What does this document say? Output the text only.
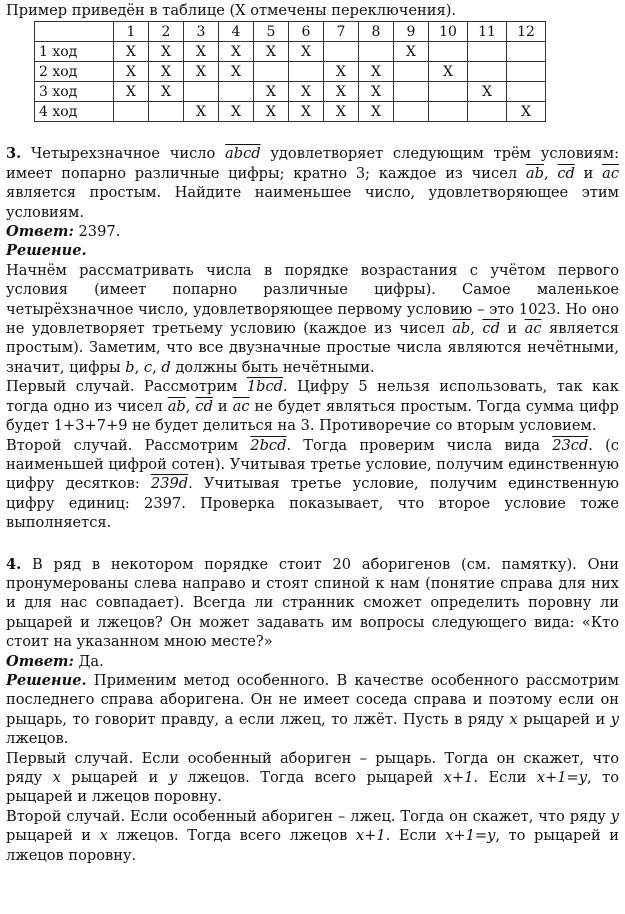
Пример приведён в таблице (X отмечены переключения).

	1	2	3	4	5	6	7	8	9	10	11	12
1 ход	X	X	X	X	X	X			X			
2 ход	X	X	X	X			X	X		X		
3 ход	X	X			X	X	X	X			X	
4 ход			X	X	X	X	X	X				X

3. Четырехзначное число abcd удовлетворяет следующим трём условиям: имеет попарно различные цифры; кратно 3; каждое из чисел $\overline{ab}$, $\overline{cd}$ и $\overline{ac}$ является простым. Найдите наименьшее число, удовлетворяющее этим условиям.

Ответ: 2397.

Решение.

Начнём рассматривать числа в порядке возрастания с учётом первого условия (имеет попарно различные цифры). Самое маленькое четырёхзначное число, удовлетворяющее первому условию – это 1023. Но оно не удовлетворяет третьему условию (каждое из чисел $\overline{ab}$, $\overline{cd}$ и $\overline{ac}$ является простым). Заметим, что все двузначные простые числа являются нечётными, значит, цифры b, c, d должны быть нечётными.

Первый случай. Рассмотрим 1bcd. Цифру 5 нельзя использовать, так как тогда одно из чисел $\overline{ab}$, $\overline{cd}$ и $\overline{ac}$ не будет являться простым. Тогда сумма цифр будет 1+3+7+9 не будет делиться на 3. Противоречие со вторым условием.

Второй случай. Рассмотрим 2bcd. Тогда проверим числа вида 23cd. (с наименьшей цифрой сотен). Учитывая третье условие, получим единственную цифру десятков: 239d. Учитывая третье условие, получим единственную цифру единиц: 2397. Проверка показывает, что второе условие тоже выполняется.

4. В ряд в некотором порядке стоит 20 аборигенов (см. памятку). Они пронумерованы слева направо и стоят спиной к нам (понятие справа для них и для нас совпадает). Всегда ли странник сможет определить поровну ли рыцарей и лжецов? Он может задавать им вопросы следующего вида: «Кто стоит на указанном мною месте?»

Ответ: Да.

Решение. Применим метод особенного. В качестве особенного рассмотрим последнего справа аборигена. Он не имеет соседа справа и поэтому если он рыцарь, то говорит правду, а если лжец, то лжёт. Пусть в ряду x рыцарей и y лжецов.

Первый случай. Если особенный абориген – рыцарь. Тогда он скажет, что ряду x рыцарей и y лжецов. Тогда всего рыцарей x+1. Если x+1=y, то рыцарей и лжецов поровну.

Второй случай. Если особенный абориген – лжец. Тогда он скажет, что ряду y рыцарей и x лжецов. Тогда всего лжецов x+1. Если x+1=y, то рыцарей и лжецов поровну.
